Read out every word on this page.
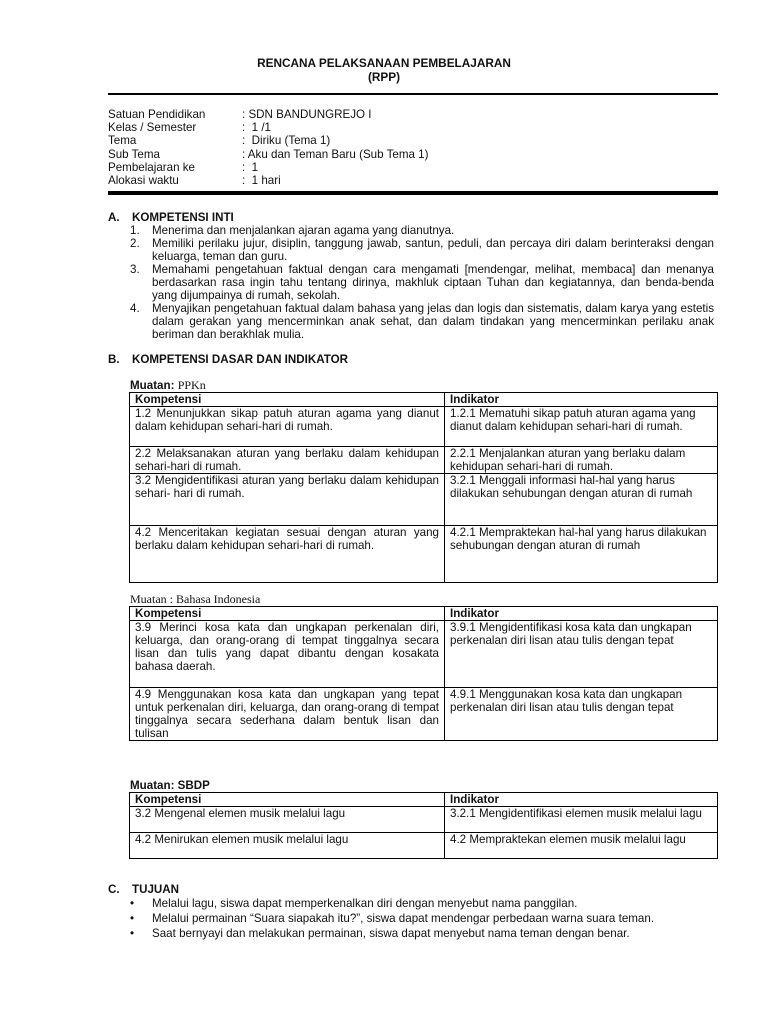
RENCANA PELAKSANAAN PEMBELAJARAN
(RPP)
Satuan Pendidikan	: SDN BANDUNGREJO I
Kelas / Semester	:  1 /1
Tema	:  Diriku (Tema 1)
Sub Tema	: Aku dan Teman Baru (Sub Tema 1)
Pembelajaran ke	:  1
Alokasi waktu	:  1 hari
A. KOMPETENSI INTI
1.	Menerima dan menjalankan ajaran agama yang dianutnya.
2.	Memiliki perilaku jujur, disiplin, tanggung jawab, santun, peduli, dan percaya diri dalam berinteraksi dengan keluarga, teman dan guru.
3.	Memahami pengetahuan faktual dengan cara mengamati [mendengar, melihat, membaca] dan menanya berdasarkan rasa ingin tahu tentang dirinya, makhluk ciptaan Tuhan dan kegiatannya, dan benda-benda yang dijumpainya di rumah, sekolah.
4.	Menyajikan pengetahuan faktual dalam bahasa yang jelas dan logis dan sistematis, dalam karya yang estetis dalam gerakan yang mencerminkan anak sehat, dan dalam tindakan yang mencerminkan perilaku anak beriman dan berakhlak mulia.
B. KOMPETENSI DASAR DAN INDIKATOR
Muatan: PPKn
Kompetensi	Indikator
1.2 Menunjukkan sikap patuh aturan agama yang dianut dalam kehidupan sehari-hari di rumah.	1.2.1 Mematuhi sikap patuh aturan agama yang dianut dalam kehidupan sehari-hari di rumah.
2.2 Melaksanakan aturan yang berlaku dalam kehidupan sehari-hari di rumah.	2.2.1 Menjalankan aturan yang berlaku dalam kehidupan sehari-hari di rumah.
3.2 Mengidentifikasi aturan yang berlaku dalam kehidupan sehari- hari di rumah.	3.2.1 Menggali informasi hal-hal yang harus dilakukan sehubungan dengan aturan di rumah
4.2 Menceritakan kegiatan sesuai dengan aturan yang berlaku dalam kehidupan sehari-hari di rumah.	4.2.1 Mempraktekan hal-hal yang harus dilakukan sehubungan dengan aturan di rumah
Muatan : Bahasa Indonesia
Kompetensi	Indikator
3.9 Merinci kosa kata dan ungkapan perkenalan diri, keluarga, dan orang-orang di tempat tinggalnya secara lisan dan tulis yang dapat dibantu dengan kosakata bahasa daerah.	3.9.1 Mengidentifikasi kosa kata dan ungkapan perkenalan diri lisan atau tulis dengan tepat
4.9 Menggunakan kosa kata dan ungkapan yang tepat untuk perkenalan diri, keluarga, dan orang-orang di tempat tinggalnya secara sederhana dalam bentuk lisan dan tulisan	4.9.1 Menggunakan kosa kata dan ungkapan perkenalan diri lisan atau tulis dengan tepat
Muatan: SBDP
Kompetensi	Indikator
3.2 Mengenal elemen musik melalui lagu	3.2.1 Mengidentifikasi elemen musik melalui lagu
4.2 Menirukan elemen musik melalui lagu	4.2 Mempraktekan elemen musik melalui lagu
C. TUJUAN
•	Melalui lagu, siswa dapat memperkenalkan diri dengan menyebut nama panggilan.
•	Melalui permainan “Suara siapakah itu?”, siswa dapat mendengar perbedaan warna suara teman.
•	Saat bernyayi dan melakukan permainan, siswa dapat menyebut nama teman dengan benar.
